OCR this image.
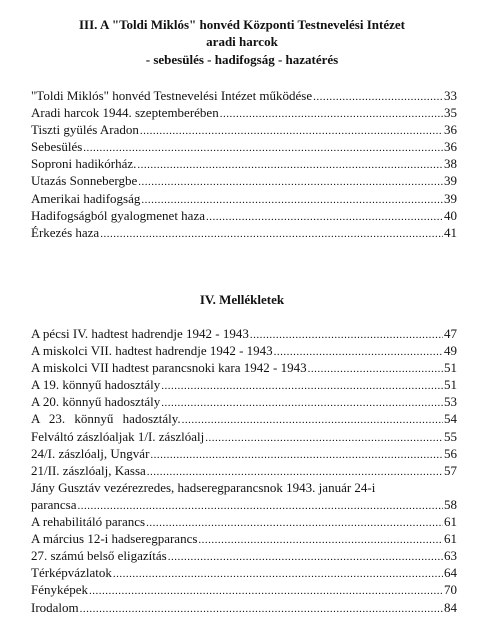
III. A "Toldi Miklós" honvéd Központi Testnevelési Intézet
aradi harcok
- sebesülés - hadifogság - hazatérés
"Toldi Miklós" honvéd Testnevelési Intézet működése .....	33
Aradi harcok 1944. szeptemberében .....	35
Tiszti gyülés Aradon .....	36
Sebesülés .....	36
Soproni hadikórház. .....	38
Utazás Sonnebergbe .....	39
Amerikai hadifogság .....	39
Hadifogságból gyalogmenet haza .....	40
Érkezés haza .....	41
IV. Mellékletek
A pécsi IV. hadtest hadrendje 1942 - 1943 .....	47
A miskolci VII. hadtest hadrendje 1942 - 1943 .....	49
A miskolci VII hadtest parancsnoki kara 1942 - 1943 .....	51
A 19. könnyű hadosztály .....	51
A 20. könnyű hadosztály .....	53
A 23. könnyű hadosztály. .....	54
Felváltó zászlóaljak 1/I. zászlóalj .....	55
24/I. zászlóalj, Ungvár .....	56
21/II. zászlóalj, Kassa .....	57
Jány Gusztáv vezérezredes, hadseregparancsnok 1943. január 24-i
parancsa .....	58
A rehabilitáló parancs .....	61
A március 12-i hadseregparancs .....	61
27. számú belső eligazítás .....	63
Térképvázlatok .....	64
Fényképek .....	70
Irodalom .....	84
